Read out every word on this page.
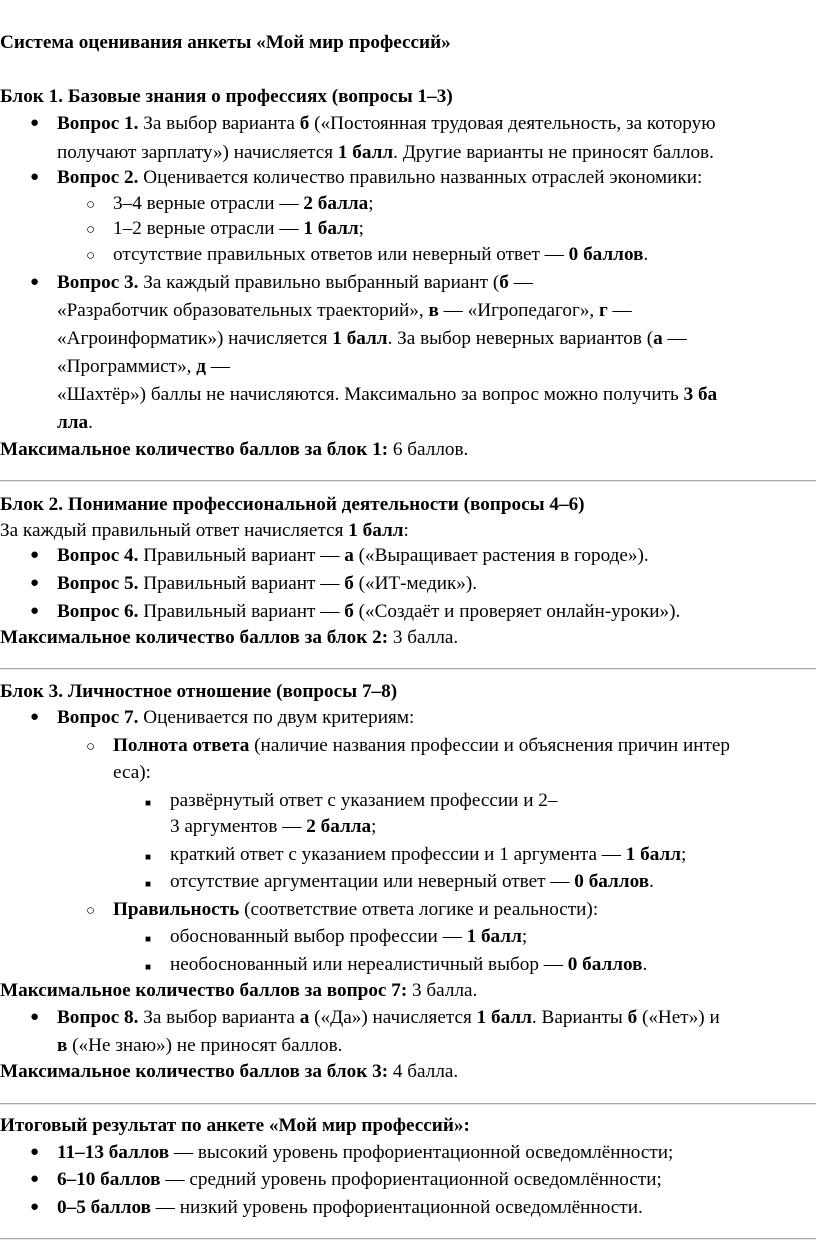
Система оценивания анкеты «Мой мир профессий»
Блок 1. Базовые знания о профессиях (вопросы 1–3)
● Вопрос 1. За выбор варианта б («Постоянная трудовая деятельность, за которую
получают зарплату») начисляется 1 балл. Другие варианты не приносят баллов.
● Вопрос 2. Оценивается количество правильно названных отраслей экономики:
○ 3–4 верные отрасли — 2 балла;
○ 1–2 верные отрасли — 1 балл;
○ отсутствие правильных ответов или неверный ответ — 0 баллов.
● Вопрос 3. За каждый правильно выбранный вариант (б —
«Разработчик образовательных траекторий», в — «Игропедагог», г —
«Агроинформатик») начисляется 1 балл. За выбор неверных вариантов (а —
«Программист», д —
«Шахтёр») баллы не начисляются. Максимально за вопрос можно получить 3 ба
лла.
Максимальное количество баллов за блок 1: 6 баллов.
Блок 2. Понимание профессиональной деятельности (вопросы 4–6)
За каждый правильный ответ начисляется 1 балл:
● Вопрос 4. Правильный вариант — а («Выращивает растения в городе»).
● Вопрос 5. Правильный вариант — б («ИТ-медик»).
● Вопрос 6. Правильный вариант — б («Создаёт и проверяет онлайн-уроки»).
Максимальное количество баллов за блок 2: 3 балла.
Блок 3. Личностное отношение (вопросы 7–8)
● Вопрос 7. Оценивается по двум критериям:
○ Полнота ответа (наличие названия профессии и объяснения причин интер
еса):
■ развёрнутый ответ с указанием профессии и 2–
3 аргументов — 2 балла;
■ краткий ответ с указанием профессии и 1 аргумента — 1 балл;
■ отсутствие аргументации или неверный ответ — 0 баллов.
○ Правильность (соответствие ответа логике и реальности):
■ обоснованный выбор профессии — 1 балл;
■ необоснованный или нереалистичный выбор — 0 баллов.
Максимальное количество баллов за вопрос 7: 3 балла.
● Вопрос 8. За выбор варианта а («Да») начисляется 1 балл. Варианты б («Нет») и
в («Не знаю») не приносят баллов.
Максимальное количество баллов за блок 3: 4 балла.
Итоговый результат по анкете «Мой мир профессий»:
● 11–13 баллов — высокий уровень профориентационной осведомлённости;
● 6–10 баллов — средний уровень профориентационной осведомлённости;
● 0–5 баллов — низкий уровень профориентационной осведомлённости.
